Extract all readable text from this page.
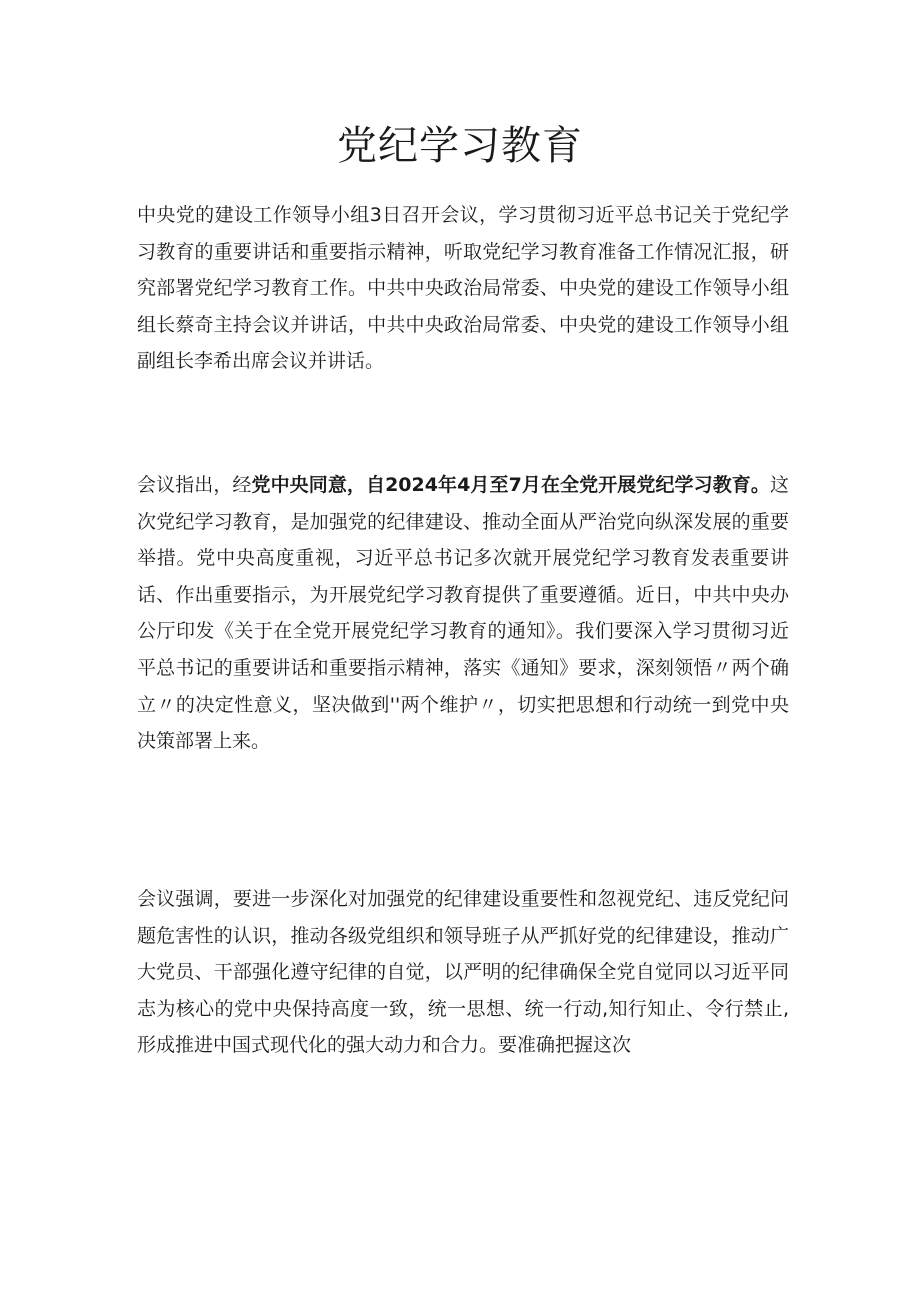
党纪学习教育

中央党的建设工作领导小组3日召开会议，学习贯彻习近平总书记关于党纪学习教育的重要讲话和重要指示精神，听取党纪学习教育准备工作情况汇报，研究部署党纪学习教育工作。中共中央政治局常委、中央党的建设工作领导小组组长蔡奇主持会议并讲话，中共中央政治局常委、中央党的建设工作领导小组副组长李希出席会议并讲话。

会议指出，经党中央同意，自2024年4月至7月在全党开展党纪学习教育。这次党纪学习教育，是加强党的纪律建设、推动全面从严治党向纵深发展的重要举措。党中央高度重视，习近平总书记多次就开展党纪学习教育发表重要讲话、作出重要指示，为开展党纪学习教育提供了重要遵循。近日，中共中央办公厅印发《关于在全党开展党纪学习教育的通知》。我们要深入学习贯彻习近平总书记的重要讲话和重要指示精神，落实《通知》要求，深刻领悟〃两个确立〃的决定性意义，坚决做到''两个维护〃，切实把思想和行动统一到党中央决策部署上来。

会议强调，要进一步深化对加强党的纪律建设重要性和忽视党纪、违反党纪问题危害性的认识，推动各级党组织和领导班子从严抓好党的纪律建设，推动广大党员、干部强化遵守纪律的自觉，以严明的纪律确保全党自觉同以习近平同志为核心的党中央保持高度一致，统一思想、统一行动,知行知止、令行禁止,形成推进中国式现代化的强大动力和合力。要准确把握这次
